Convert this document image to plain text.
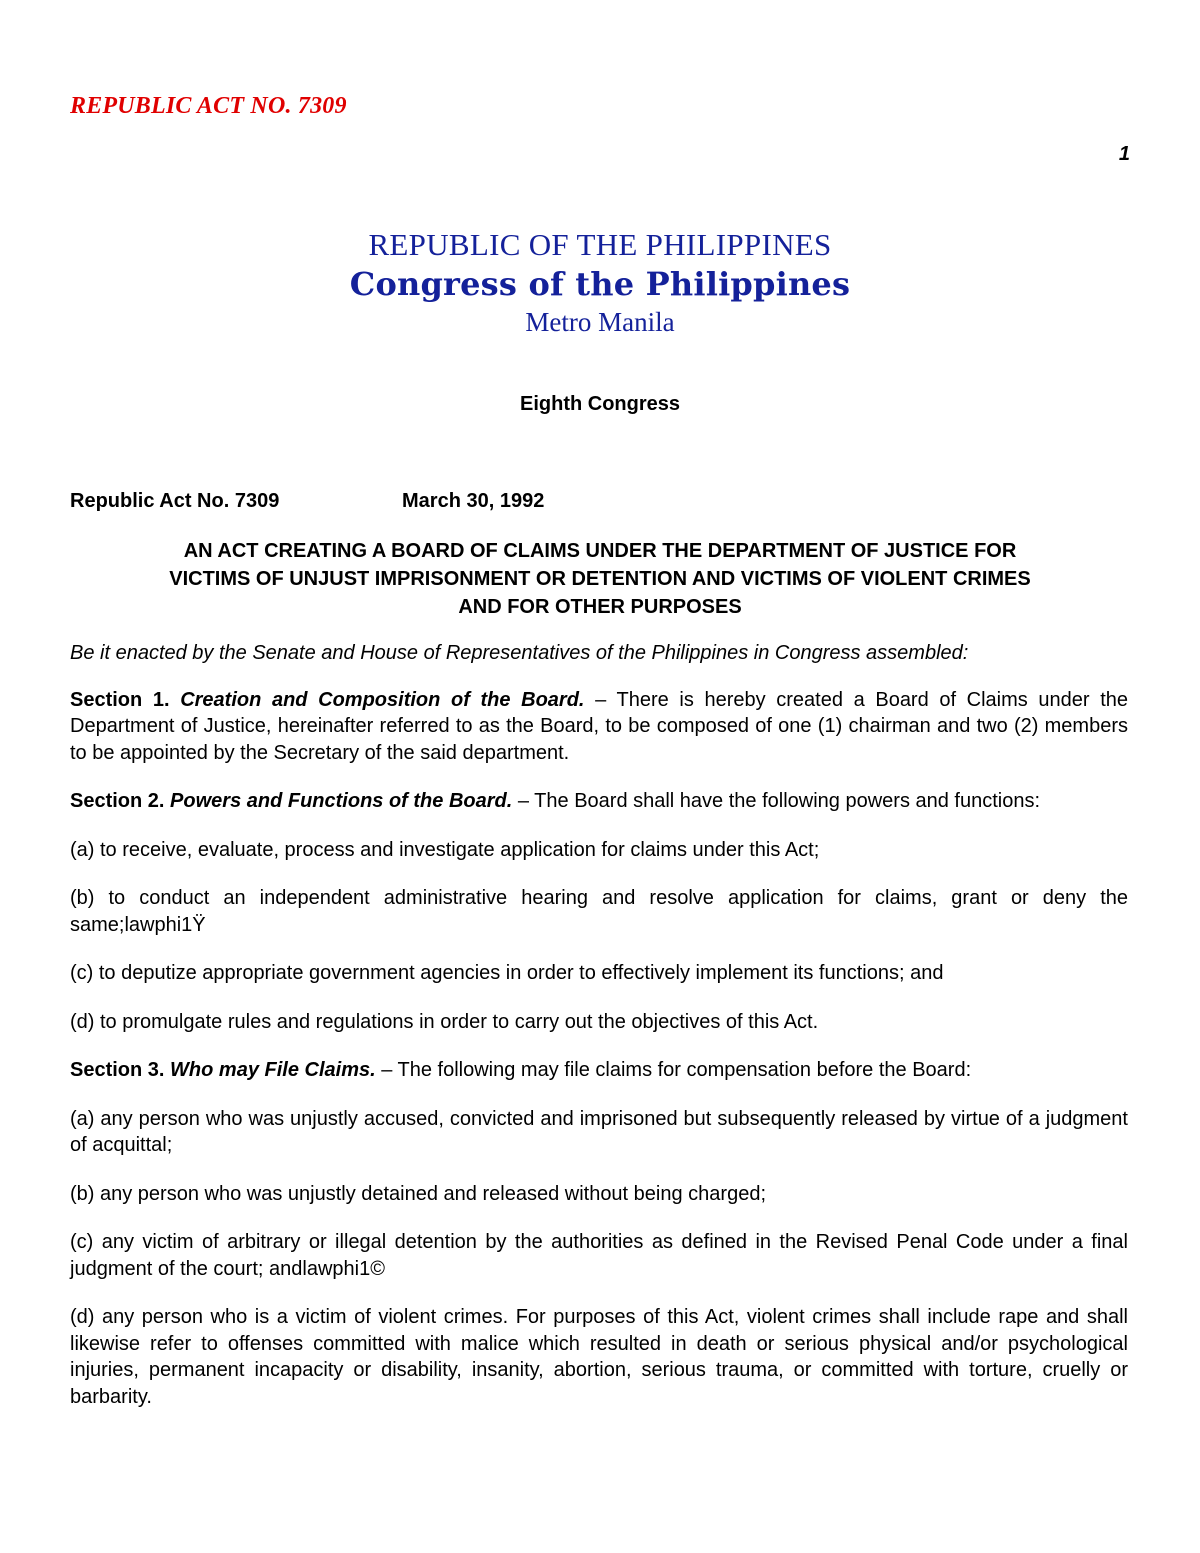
REPUBLIC ACT NO. 7309
1
REPUBLIC OF THE PHILIPPINES
Congress of the Philippines
Metro Manila
Eighth Congress
Republic Act No. 7309	March 30, 1992
AN ACT CREATING A BOARD OF CLAIMS UNDER THE DEPARTMENT OF JUSTICE FOR
VICTIMS OF UNJUST IMPRISONMENT OR DETENTION AND VICTIMS OF VIOLENT CRIMES
AND FOR OTHER PURPOSES

Be it enacted by the Senate and House of Representatives of the Philippines in Congress assembled:

Section 1. Creation and Composition of the Board. – There is hereby created a Board of Claims under the Department of Justice, hereinafter referred to as the Board, to be composed of one (1) chairman and two (2) members to be appointed by the Secretary of the said department.

Section 2. Powers and Functions of the Board. – The Board shall have the following powers and functions:

(a) to receive, evaluate, process and investigate application for claims under this Act;

(b) to conduct an independent administrative hearing and resolve application for claims, grant or deny the same;lawphi1Ÿ

(c) to deputize appropriate government agencies in order to effectively implement its functions; and

(d) to promulgate rules and regulations in order to carry out the objectives of this Act.

Section 3. Who may File Claims. – The following may file claims for compensation before the Board:

(a) any person who was unjustly accused, convicted and imprisoned but subsequently released by virtue of a judgment of acquittal;

(b) any person who was unjustly detained and released without being charged;

(c) any victim of arbitrary or illegal detention by the authorities as defined in the Revised Penal Code under a final judgment of the court; andlawphi1©

(d) any person who is a victim of violent crimes. For purposes of this Act, violent crimes shall include rape and shall likewise refer to offenses committed with malice which resulted in death or serious physical and/or psychological injuries, permanent incapacity or disability, insanity, abortion, serious trauma, or committed with torture, cruelly or barbarity.
